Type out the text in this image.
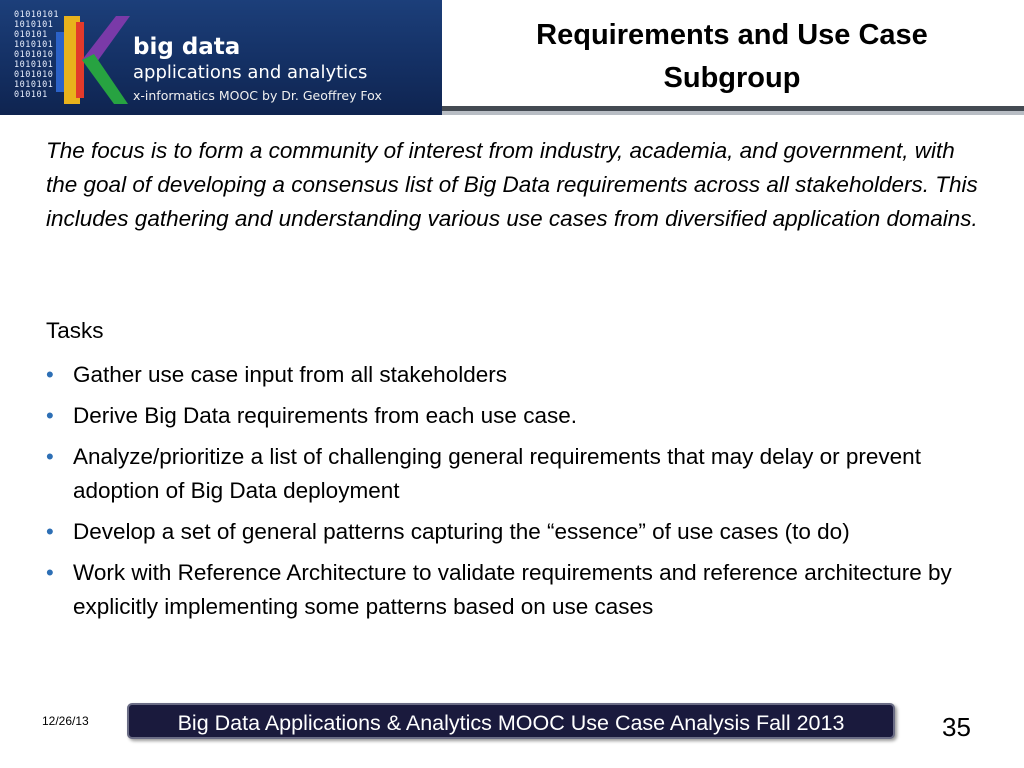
01010101
1010101
010101
1010101
0101010
1010101
0101010
1010101
010101
big data
applications and analytics
x-informatics MOOC by Dr. Geoffrey Fox
Requirements and Use Case Subgroup

The focus is to form a community of interest from industry, academia, and government, with the goal of developing a consensus list of Big Data requirements across all stakeholders. This includes gathering and understanding various use cases from diversified application domains.

Tasks

• Gather use case input from all stakeholders
• Derive Big Data requirements from each use case.
• Analyze/prioritize a list of challenging general requirements that may delay or prevent adoption of Big Data deployment
• Develop a set of general patterns capturing the “essence” of use cases (to do)
• Work with Reference Architecture to validate requirements and reference architecture by explicitly implementing some patterns based on use cases
12/26/13	Big Data Applications & Analytics MOOC Use Case Analysis Fall 2013	35
